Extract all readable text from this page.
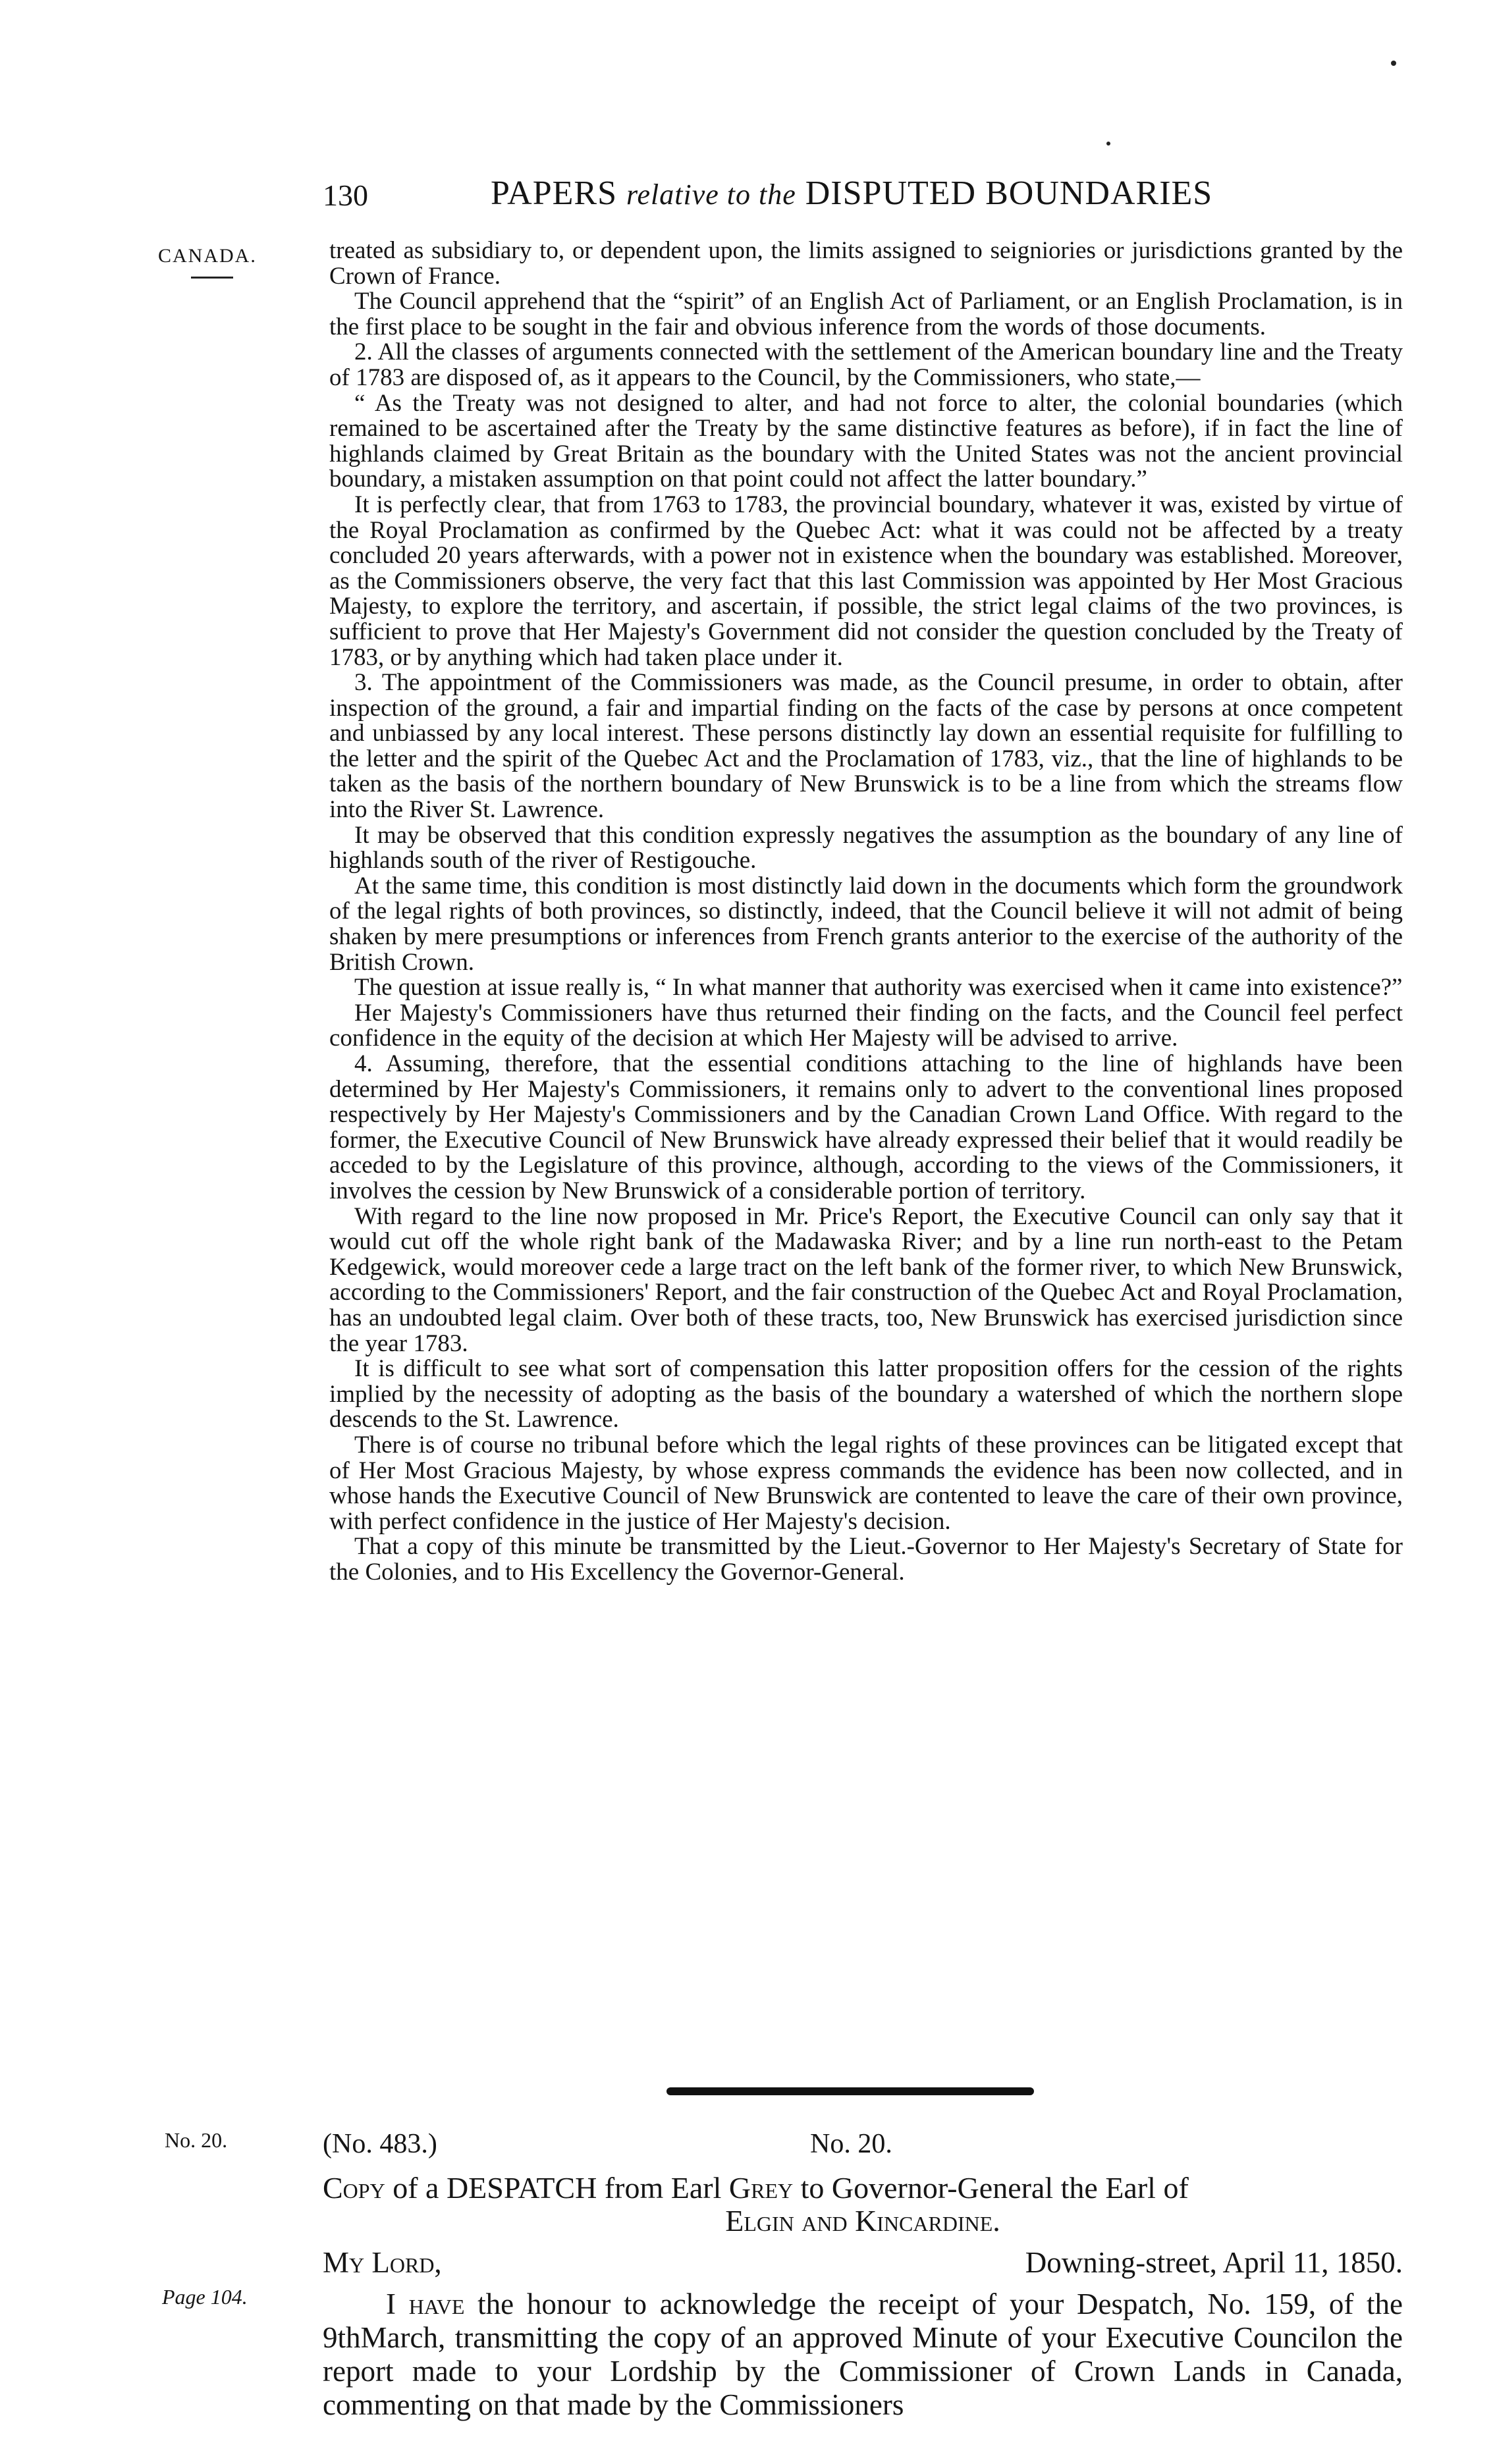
130	PAPERS relative to the DISPUTED BOUNDARIES
CANADA.	treated as subsidiary to, or dependent upon, the limits assigned to seigniories or jurisdictions granted by the Crown of France.

The Council apprehend that the “spirit” of an English Act of Parliament, or an English Proclamation, is in the first place to be sought in the fair and obvious inference from the words of those documents.

2. All the classes of arguments connected with the settlement of the American boundary line and the Treaty of 1783 are disposed of, as it appears to the Council, by the Commissioners, who state,—

“ As the Treaty was not designed to alter, and had not force to alter, the colonial boundaries (which remained to be ascertained after the Treaty by the same distinctive features as before), if in fact the line of highlands claimed by Great Britain as the boundary with the United States was not the ancient provincial boundary, a mistaken assumption on that point could not affect the latter boundary.”

It is perfectly clear, that from 1763 to 1783, the provincial boundary, whatever it was, existed by virtue of the Royal Proclamation as confirmed by the Quebec Act: what it was could not be affected by a treaty concluded 20 years afterwards, with a power not in existence when the boundary was established. Moreover, as the Commissioners observe, the very fact that this last Commission was appointed by Her Most Gracious Majesty, to explore the territory, and ascertain, if possible, the strict legal claims of the two provinces, is sufficient to prove that Her Majesty's Government did not consider the question concluded by the Treaty of 1783, or by anything which had taken place under it.

3. The appointment of the Commissioners was made, as the Council presume, in order to obtain, after inspection of the ground, a fair and impartial finding on the facts of the case by persons at once competent and unbiassed by any local interest. These persons distinctly lay down an essential requisite for fulfilling to the letter and the spirit of the Quebec Act and the Proclamation of 1783, viz., that the line of highlands to be taken as the basis of the northern boundary of New Brunswick is to be a line from which the streams flow into the River St. Lawrence.

It may be observed that this condition expressly negatives the assumption as the boundary of any line of highlands south of the river of Restigouche.

At the same time, this condition is most distinctly laid down in the documents which form the groundwork of the legal rights of both provinces, so distinctly, indeed, that the Council believe it will not admit of being shaken by mere presumptions or inferences from French grants anterior to the exercise of the authority of the British Crown.

The question at issue really is, “ In what manner that authority was exercised when it came into existence?”

Her Majesty's Commissioners have thus returned their finding on the facts, and the Council feel perfect confidence in the equity of the decision at which Her Majesty will be advised to arrive.

4. Assuming, therefore, that the essential conditions attaching to the line of highlands have been determined by Her Majesty's Commissioners, it remains only to advert to the conventional lines proposed respectively by Her Majesty's Commissioners and by the Canadian Crown Land Office. With regard to the former, the Executive Council of New Brunswick have already expressed their belief that it would readily be acceded to by the Legislature of this province, although, according to the views of the Commissioners, it involves the cession by New Brunswick of a considerable portion of territory.

With regard to the line now proposed in Mr. Price's Report, the Executive Council can only say that it would cut off the whole right bank of the Madawaska River; and by a line run north-east to the Petam Kedgewick, would moreover cede a large tract on the left bank of the former river, to which New Brunswick, according to the Commissioners' Report, and the fair construction of the Quebec Act and Royal Proclamation, has an undoubted legal claim. Over both of these tracts, too, New Brunswick has exercised jurisdiction since the year 1783.

It is difficult to see what sort of compensation this latter proposition offers for the cession of the rights implied by the necessity of adopting as the basis of the boundary a watershed of which the northern slope descends to the St. Lawrence.

There is of course no tribunal before which the legal rights of these provinces can be litigated except that of Her Most Gracious Majesty, by whose express commands the evidence has been now collected, and in whose hands the Executive Council of New Brunswick are contented to leave the care of their own province, with perfect confidence in the justice of Her Majesty's decision.

That a copy of this minute be transmitted by the Lieut.-Governor to Her Majesty's Secretary of State for the Colonies, and to His Excellency the Governor-General.

(No. 483.)	No. 20.
No. 20.
Copy of a DESPATCH from Earl Grey to Governor-General the Earl of
Elgin and Kincardine.
My Lord,	Downing-street, April 11, 1850.
Page 104.	I have the honour to acknowledge the receipt of your Despatch, No. 159, of the 9thMarch, transmitting the copy of an approved Minute of your Executive Councilon the report made to your Lordship by the Commissioner of Crown Lands in Canada, commenting on that made by the Commissioners
